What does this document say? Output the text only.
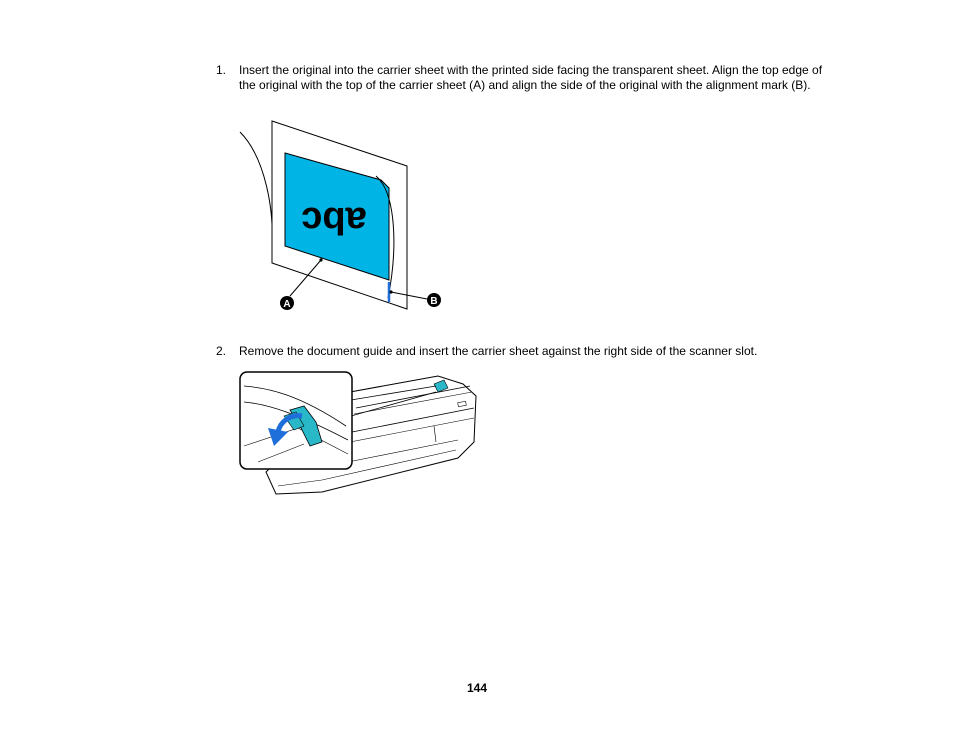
1. Insert the original into the carrier sheet with the printed side facing the transparent sheet. Align the top edge of the original with the top of the carrier sheet (A) and align the side of the original with the alignment mark (B).
abc
A	B
2. Remove the document guide and insert the carrier sheet against the right side of the scanner slot.
144
